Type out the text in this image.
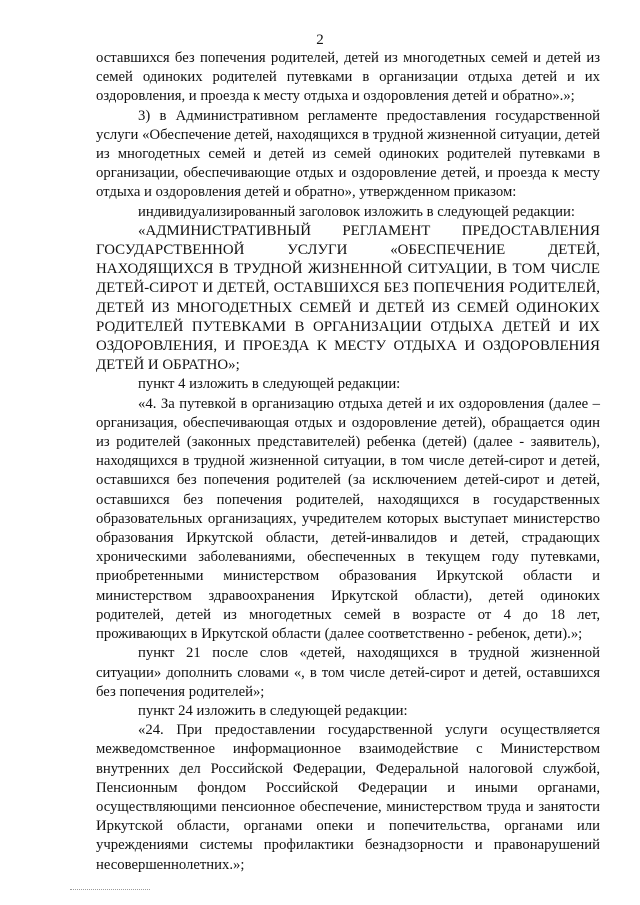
2

оставшихся без попечения родителей, детей из многодетных семей и детей из семей одиноких родителей путевками в организации отдыха детей и их оздоровления, и проезда к месту отдыха и оздоровления детей и обратно».»;

3) в Административном регламенте предоставления государственной услуги «Обеспечение детей, находящихся в трудной жизненной ситуации, детей из многодетных семей и детей из семей одиноких родителей путевками в организации, обеспечивающие отдых и оздоровление детей, и проезда к месту отдыха и оздоровления детей и обратно», утвержденном приказом:

индивидуализированный заголовок изложить в следующей редакции:

«АДМИНИСТРАТИВНЫЙ РЕГЛАМЕНТ ПРЕДОСТАВЛЕНИЯ ГОСУДАРСТВЕННОЙ УСЛУГИ «ОБЕСПЕЧЕНИЕ ДЕТЕЙ, НАХОДЯЩИХСЯ В ТРУДНОЙ ЖИЗНЕННОЙ СИТУАЦИИ, В ТОМ ЧИСЛЕ ДЕТЕЙ-СИРОТ И ДЕТЕЙ, ОСТАВШИХСЯ БЕЗ ПОПЕЧЕНИЯ РОДИТЕЛЕЙ, ДЕТЕЙ ИЗ МНОГОДЕТНЫХ СЕМЕЙ И ДЕТЕЙ ИЗ СЕМЕЙ ОДИНОКИХ РОДИТЕЛЕЙ ПУТЕВКАМИ В ОРГАНИЗАЦИИ ОТДЫХА ДЕТЕЙ И ИХ ОЗДОРОВЛЕНИЯ, И ПРОЕЗДА К МЕСТУ ОТДЫХА И ОЗДОРОВЛЕНИЯ ДЕТЕЙ И ОБРАТНО»;

пункт 4 изложить в следующей редакции:

«4. За путевкой в организацию отдыха детей и их оздоровления (далее – организация, обеспечивающая отдых и оздоровление детей), обращается один из родителей (законных представителей) ребенка (детей) (далее - заявитель), находящихся в трудной жизненной ситуации, в том числе детей-сирот и детей, оставшихся без попечения родителей (за исключением детей-сирот и детей, оставшихся без попечения родителей, находящихся в государственных образовательных организациях, учредителем которых выступает министерство образования Иркутской области, детей-инвалидов и детей, страдающих хроническими заболеваниями, обеспеченных в текущем году путевками, приобретенными министерством образования Иркутской области и министерством здравоохранения Иркутской области), детей одиноких родителей, детей из многодетных семей в возрасте от 4 до 18 лет, проживающих в Иркутской области (далее соответственно - ребенок, дети).»;

пункт 21 после слов «детей, находящихся в трудной жизненной ситуации» дополнить словами «, в том числе детей-сирот и детей, оставшихся без попечения родителей»;

пункт 24 изложить в следующей редакции:

«24. При предоставлении государственной услуги осуществляется межведомственное информационное взаимодействие с Министерством внутренних дел Российской Федерации, Федеральной налоговой службой, Пенсионным фондом Российской Федерации и иными органами, осуществляющими пенсионное обеспечение, министерством труда и занятости Иркутской области, органами опеки и попечительства, органами или учреждениями системы профилактики безнадзорности и правонарушений несовершеннолетних.»;
